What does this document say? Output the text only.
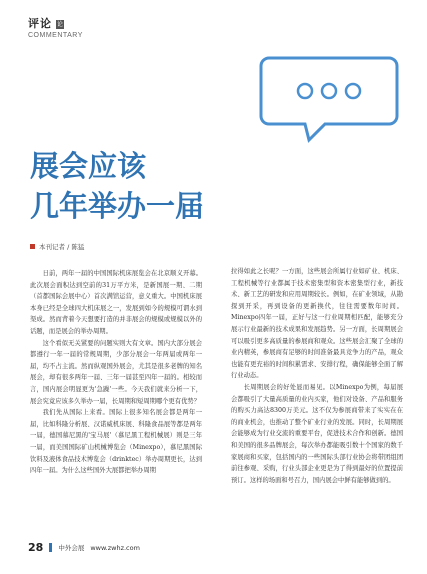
评论 论
COMMENTARY
展会应该
几年举办一届
本刊记者 / 陈猛

日前，两年一届的中国国际机床展览会在北京顺义开幕。此次展会面积达到空前的31万平方米，是新国展一期、二期（首都国际会展中心）首次满馆运营，意义重大。中国机床展本身已经是全球四大机床展之一，发展到如今的规模可谓水到渠成。然而背着今天想要打造的并非展会的规模或规模以外的话题，而是展会的举办周期。

这个看似无关紧要的问题实则大有文章。国内大部分展会都遵行一年一届的常规周期，少部分展会一年两届或两年一届，均不占主流。然而纵观国外展会，尤其是很多老牌的知名展会，却有很多两年一届、三年一届甚至四年一届的。相较而言，国内展会明显更为'急躁'一些。今天我们就来分析一下，展会究竟应该多久举办一届，长周期和短周期哪个更有优势？

我们先从国际上来看。国际上很多知名展会都是两年一届，比如科隆分析展、汉诺威机床展、科隆食品展等都是两年一届，德国慕尼黑的'宝马展'（慕尼黑工程机械展）则是三年一届，而美国国际矿山机械博览会（Minexpo），慕尼黑国际饮料及液体食品技术博览会（drinktec）举办周期更长，达到四年一届。为什么这些国外大展都把举办周期

拉得如此之长呢？一方面，这些展会所属行业如矿业、机床、工程机械等行业都属于技术密集型和资本密集型行业，新技术、新工艺的研发和应用周期较长。例如，在矿业领域，从勘探到开采，再到设备的更新换代，往往需要数年时间。Minexpo四年一届，正好与这一行业周期相匹配，能够充分展示行业最新的技术成果和发展趋势。另一方面，长周期展会可以吸引更多高质量的参展商和观众。这些展会汇聚了全球的业内精英，参展商有足够的时间准备最具竞争力的产品，观众也能有更充裕的时间积累需求、安排行程，确保能够全面了解行业动态。

长周期展会的好处显而易见。以Minexpo为例，每届展会都吸引了大量高质量的业内买家，他们对设备、产品和服务的购买力高达8300万美元。这不仅为参展商带来了实实在在的商业机会，也推动了整个矿业行业的发展。同时，长周期展会能够成为行业交流的重要平台，促进技术合作和创新。德国和美国的很多品牌展会，每次举办都能吸引数十个国家的数千家展商和买家，包括国内的一些国际头部行业协会将带团组团前往参观、采购，行业头部企业更是为了得到最好的位置提前预订。这样的场面和号召力，国内展会中鲜有能够做到的。

28 中外会展 www.zwhz.com
